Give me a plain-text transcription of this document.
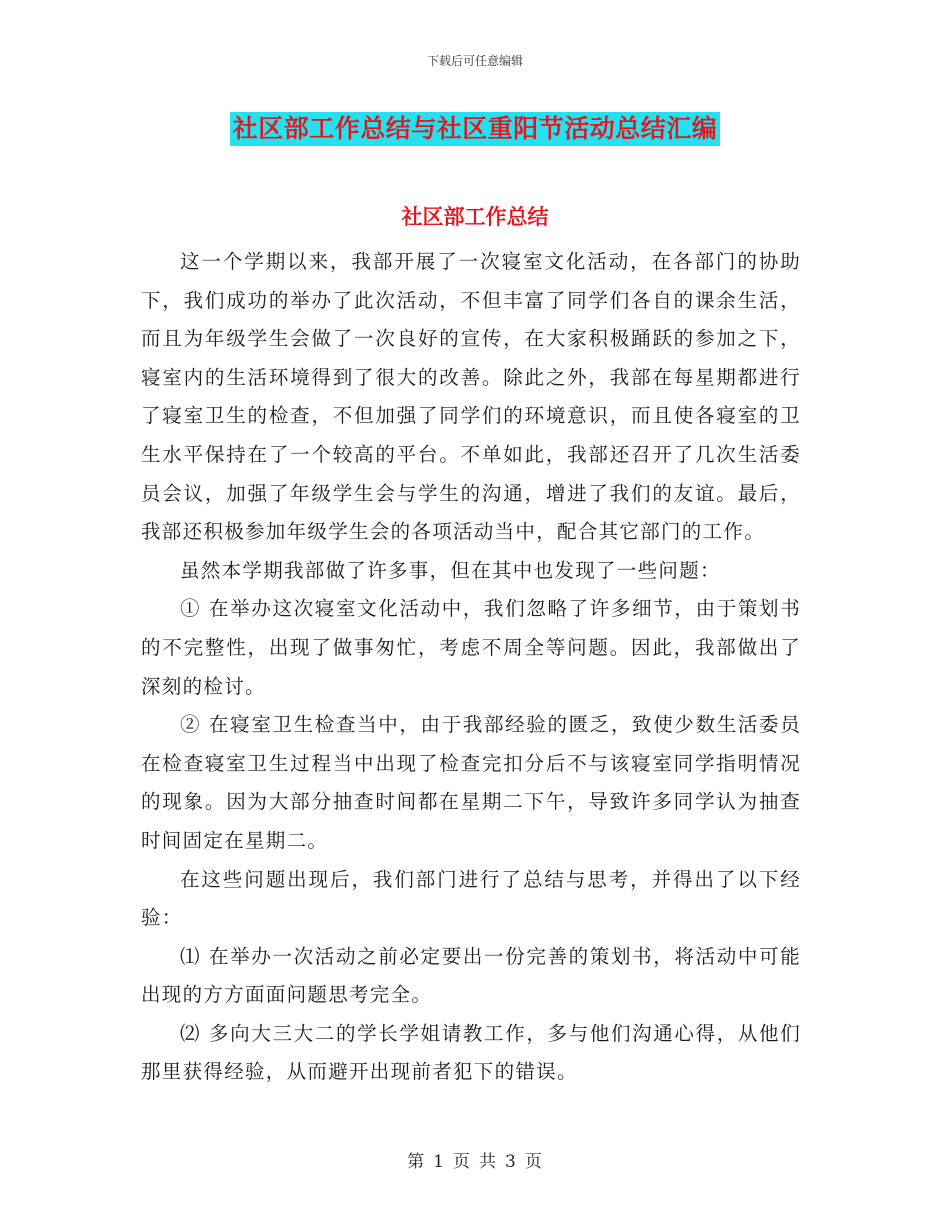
下载后可任意编辑
社区部工作总结与社区重阳节活动总结汇编
社区部工作总结

这一个学期以来，我部开展了一次寝室文化活动，在各部门的协助下，我们成功的举办了此次活动，不但丰富了同学们各自的课余生活，而且为年级学生会做了一次良好的宣传，在大家积极踊跃的参加之下，寝室内的生活环境得到了很大的改善。除此之外，我部在每星期都进行了寝室卫生的检查，不但加强了同学们的环境意识，而且使各寝室的卫生水平保持在了一个较高的平台。不单如此，我部还召开了几次生活委员会议，加强了年级学生会与学生的沟通，增进了我们的友谊。最后，我部还积极参加年级学生会的各项活动当中，配合其它部门的工作。

虽然本学期我部做了许多事，但在其中也发现了一些问题：

① 在举办这次寝室文化活动中，我们忽略了许多细节，由于策划书的不完整性，出现了做事匆忙，考虑不周全等问题。因此，我部做出了深刻的检讨。

② 在寝室卫生检查当中，由于我部经验的匮乏，致使少数生活委员在检查寝室卫生过程当中出现了检查完扣分后不与该寝室同学指明情况的现象。因为大部分抽查时间都在星期二下午，导致许多同学认为抽查时间固定在星期二。

在这些问题出现后，我们部门进行了总结与思考，并得出了以下经验：

⑴ 在举办一次活动之前必定要出一份完善的策划书，将活动中可能出现的方方面面问题思考完全。

⑵ 多向大三大二的学长学姐请教工作，多与他们沟通心得，从他们那里获得经验，从而避开出现前者犯下的错误。

第 1 页 共 3 页
